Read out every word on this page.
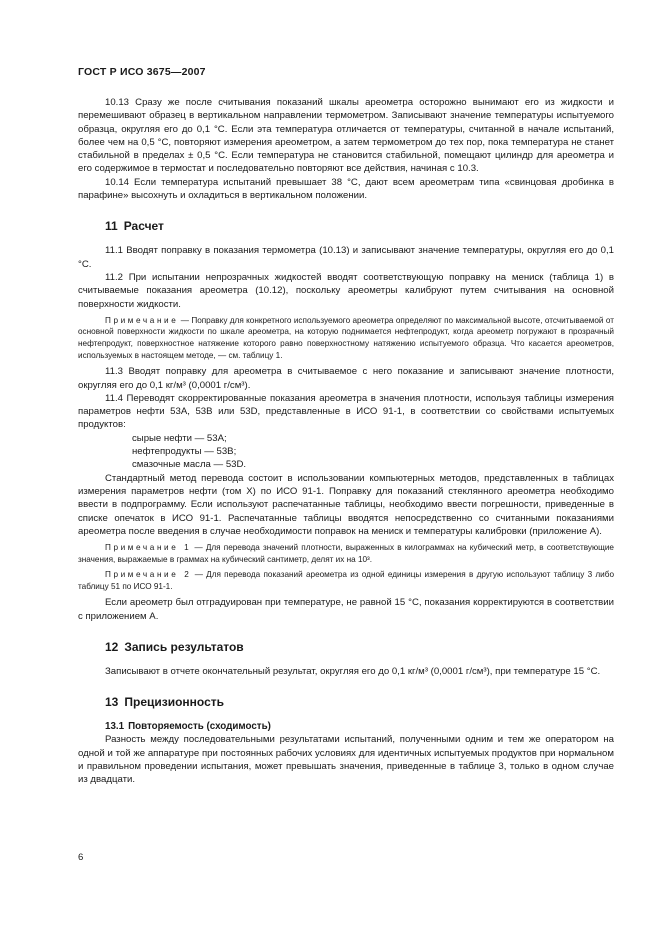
ГОСТ Р ИСО 3675—2007

10.13 Сразу же после считывания показаний шкалы ареометра осторожно вынимают его из жидкости и перемешивают образец в вертикальном направлении термометром. Записывают значение температуры испытуемого образца, округляя его до 0,1 °С. Если эта температура отличается от температуры, считанной в начале испытаний, более чем на 0,5 °С, повторяют измерения ареометром, а затем термометром до тех пор, пока температура не станет стабильной в пределах ± 0,5 °С. Если температура не становится стабильной, помещают цилиндр для ареометра и его содержимое в термостат и последовательно повторяют все действия, начиная с 10.3.

10.14 Если температура испытаний превышает 38 °С, дают всем ареометрам типа «свинцовая дробинка в парафине» высохнуть и охладиться в вертикальном положении.

11 Расчет

11.1 Вводят поправку в показания термометра (10.13) и записывают значение температуры, округляя его до 0,1 °С.

11.2 При испытании непрозрачных жидкостей вводят соответствующую поправку на мениск (таблица 1) в считываемые показания ареометра (10.12), поскольку ареометры калибруют путем считывания на основной поверхности жидкости.

Примечание — Поправку для конкретного используемого ареометра определяют по максимальной высоте, отсчитываемой от основной поверхности жидкости по шкале ареометра, на которую поднимается нефтепродукт, когда ареометр погружают в прозрачный нефтепродукт, поверхностное натяжение которого равно поверхностному натяжению испытуемого образца. Что касается ареометров, используемых в настоящем методе, — см. таблицу 1.

11.3 Вводят поправку для ареометра в считываемое с него показание и записывают значение плотности, округляя его до 0,1 кг/м³ (0,0001 г/см³).

11.4 Переводят скорректированные показания ареометра в значения плотности, используя таблицы измерения параметров нефти 53А, 53В или 53D, представленные в ИСО 91-1, в соответствии со свойствами испытуемых продуктов:

сырые нефти — 53А;
нефтепродукты — 53В;
смазочные масла — 53D.

Стандартный метод перевода состоит в использовании компьютерных методов, представленных в таблицах измерения параметров нефти (том X) по ИСО 91-1. Поправку для показаний стеклянного ареометра необходимо ввести в подпрограмму. Если используют распечатанные таблицы, необходимо ввести погрешности, приведенные в списке опечаток в ИСО 91-1. Распечатанные таблицы вводятся непосредственно со считанными показаниями ареометра после введения в случае необходимости поправок на мениск и температуры калибровки (приложение А).

Примечание 1 — Для перевода значений плотности, выраженных в килограммах на кубический метр, в соответствующие значения, выражаемые в граммах на кубический сантиметр, делят их на 10³.

Примечание 2 — Для перевода показаний ареометра из одной единицы измерения в другую используют таблицу 3 либо таблицу 51 по ИСО 91-1.

Если ареометр был отградуирован при температуре, не равной 15 °С, показания корректируются в соответствии с приложением А.

12 Запись результатов

Записывают в отчете окончательный результат, округляя его до 0,1 кг/м³ (0,0001 г/см³), при температуре 15 °С.

13 Прецизионность
13.1 Повторяемость (сходимость)

Разность между последовательными результатами испытаний, полученными одним и тем же оператором на одной и той же аппаратуре при постоянных рабочих условиях для идентичных испытуемых продуктов при нормальном и правильном проведении испытания, может превышать значения, приведенные в таблице 3, только в одном случае из двадцати.

6
